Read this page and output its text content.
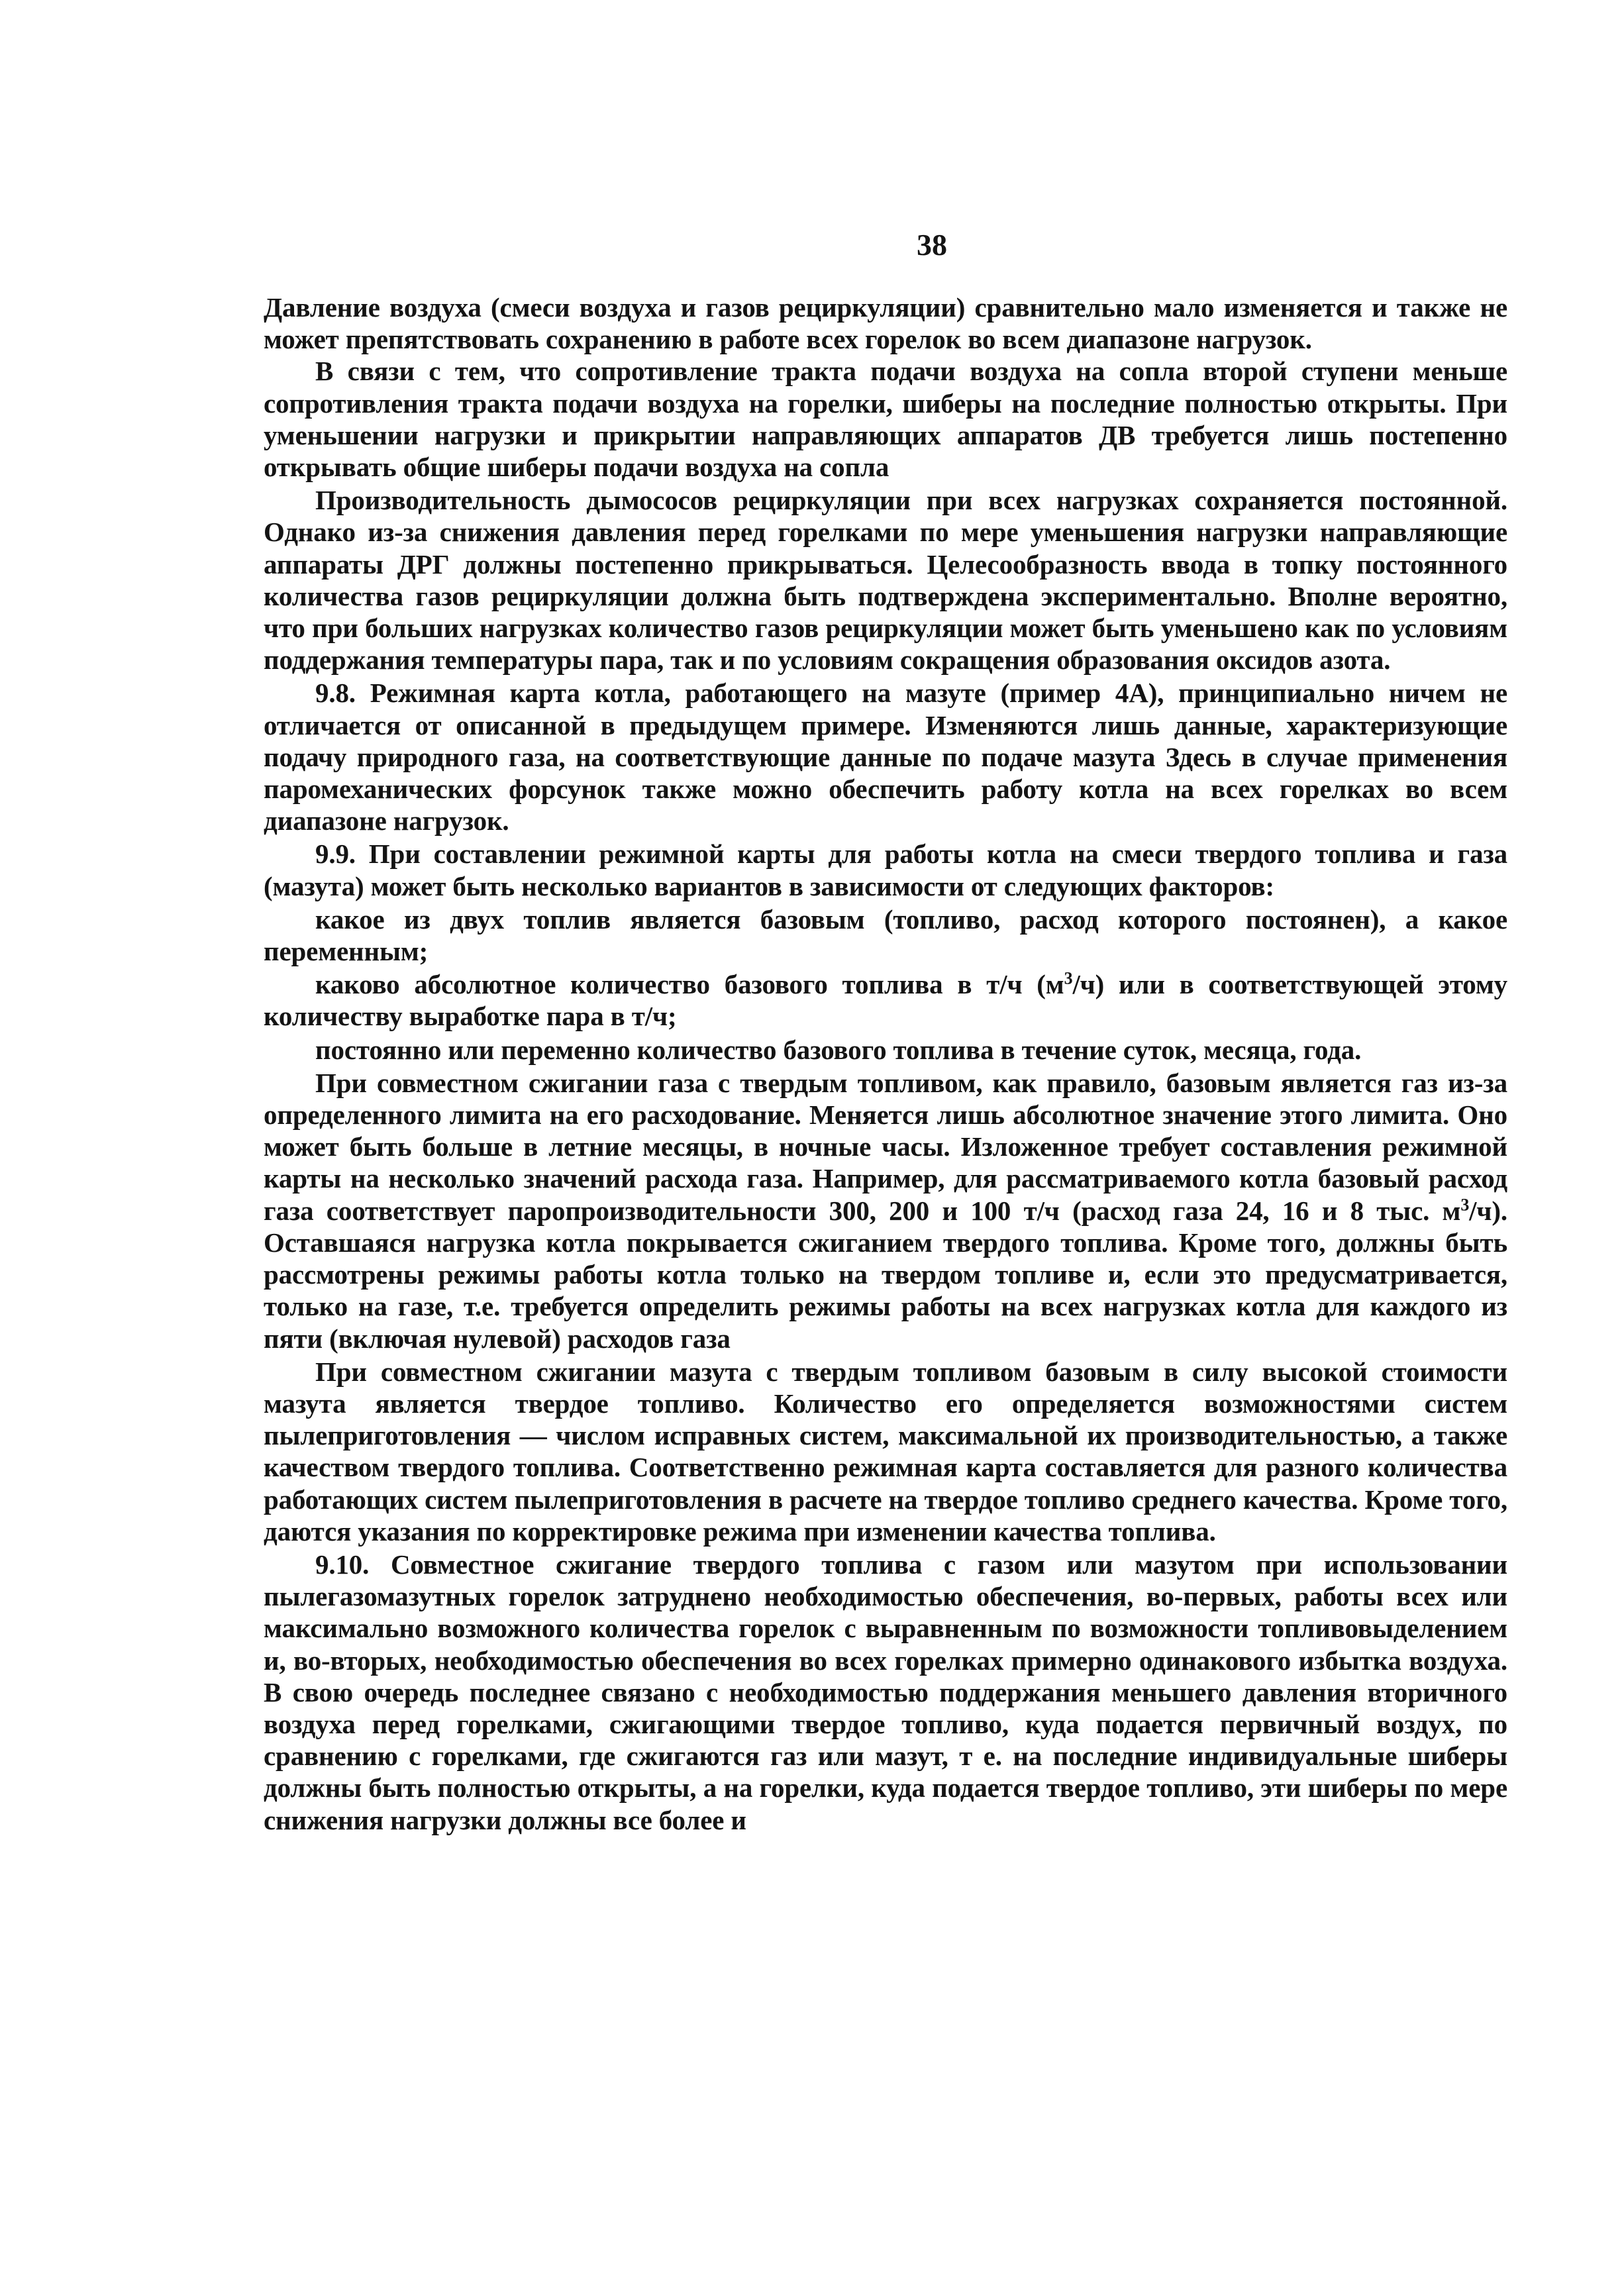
38

Давление воздуха (смеси воздуха и газов рециркуляции) сравнительно мало изменяется и также не может препятствовать сохранению в работе всех горелок во всем диапазоне нагрузок.

В связи с тем, что сопротивление тракта подачи воздуха на сопла второй ступени меньше сопротивления тракта подачи воздуха на горелки, шиберы на последние полностью открыты. При уменьшении нагрузки и прикрытии направляющих аппаратов ДВ требуется лишь постепенно открывать общие шиберы подачи воздуха на сопла

Производительность дымососов рециркуляции при всех нагрузках сохраняется постоянной. Однако из-за снижения давления перед горелками по мере уменьшения нагрузки направляющие аппараты ДРГ должны постепенно прикрываться. Целесообразность ввода в топку постоянного количества газов рециркуляции должна быть подтверждена экспериментально. Вполне вероятно, что при больших нагрузках количество газов рециркуляции может быть уменьшено как по условиям поддержания температуры пара, так и по условиям сокращения образования оксидов азота.

9.8. Режимная карта котла, работающего на мазуте (пример 4А), принципиально ничем не отличается от описанной в предыдущем примере. Изменяются лишь данные, характеризующие подачу природного газа, на соответствующие данные по подаче мазута Здесь в случае применения паромеханических форсунок также можно обеспечить работу котла на всех горелках во всем диапазоне нагрузок.

9.9. При составлении режимной карты для работы котла на смеси твердого топлива и газа (мазута) может быть несколько вариантов в зависимости от следующих факторов:

какое из двух топлив является базовым (топливо, расход которого постоянен), а какое переменным;

каково абсолютное количество базового топлива в т/ч $(м^3/ч)$ или в соответствующей этому количеству выработке пара в т/ч;

постоянно или переменно количество базового топлива в течение суток, месяца, года.

При совместном сжигании газа с твердым топливом, как правило, базовым является газ из-за определенного лимита на его расходование. Меняется лишь абсолютное значение этого лимита. Оно может быть больше в летние месяцы, в ночные часы. Изложенное требует составления режимной карты на несколько значений расхода газа. Например, для рассматриваемого котла базовый расход газа соответствует паропроизводительности 300, 200 и 100 т/ч (расход газа 24, 16 и 8 тыс. $м^3/ч$). Оставшаяся нагрузка котла покрывается сжиганием твердого топлива. Кроме того, должны быть рассмотрены режимы работы котла только на твердом топливе и, если это предусматривается, только на газе, т.е. требуется определить режимы работы на всех нагрузках котла для каждого из пяти (включая нулевой) расходов газа

При совместном сжигании мазута с твердым топливом базовым в силу высокой стоимости мазута является твердое топливо. Количество его определяется возможностями систем пылеприготовления — числом исправных систем, максимальной их производительностью, а также качеством твердого топлива. Соответственно режимная карта составляется для разного количества работающих систем пылеприготовления в расчете на твердое топливо среднего качества. Кроме того, даются указания по корректировке режима при изменении качества топлива.

9.10. Совместное сжигание твердого топлива с газом или мазутом при использовании пылегазомазутных горелок затруднено необходимостью обеспечения, во-первых, работы всех или максимально возможного количества горелок с выравненным по возможности топливовыделением и, во-вторых, необходимостью обеспечения во всех горелках примерно одинакового избытка воздуха. В свою очередь последнее связано с необходимостью поддержания меньшего давления вторичного воздуха перед горелками, сжигающими твердое топливо, куда подается первичный воздух, по сравнению с горелками, где сжигаются газ или мазут, т е. на последние индивидуальные шиберы должны быть полностью открыты, а на горелки, куда подается твердое топливо, эти шиберы по мере снижения нагрузки должны все более и
